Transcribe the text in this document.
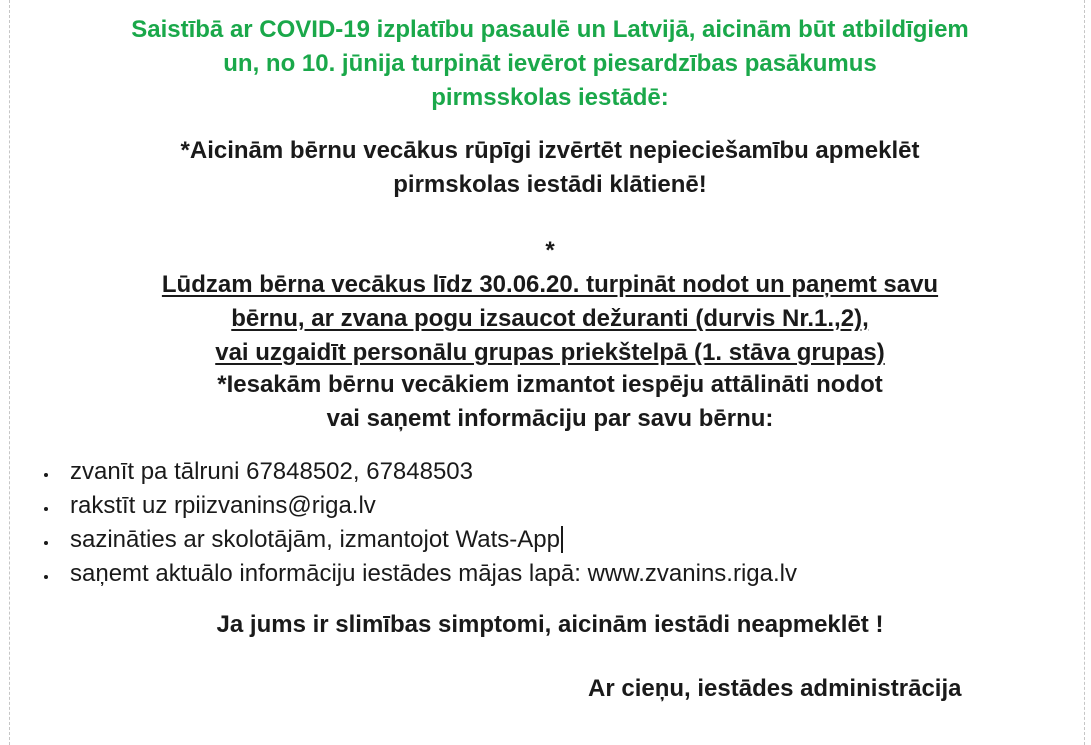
Saistībā ar COVID-19 izplatību pasaulē un Latvijā, aicinām būt atbildīgiem
un, no 10. jūnija turpināt ievērot piesardzības pasākumus
pirmsskolas iestādē:
*Aicinām bērnu vecākus rūpīgi izvērtēt nepieciešamību apmeklēt
pirmskolas iestādi klātienē!
*
Lūdzam bērna vecākus līdz 30.06.20. turpināt nodot un paņemt savu
bērnu, ar zvana pogu izsaucot dežuranti (durvis Nr.1.,2),
vai uzgaidīt personālu grupas priekštelpā (1. stāva grupas)
*Iesakām bērnu vecākiem izmantot iespēju attālināti nodot
vai saņemt informāciju par savu bērnu:
zvanīt pa tālruni 67848502, 67848503
rakstīt uz rpiizvanins@riga.lv
sazināties ar skolotājām, izmantojot Wats-App
saņemt aktuālo informāciju iestādes mājas lapā: www.zvanins.riga.lv
Ja jums ir slimības simptomi, aicinām iestādi neapmeklēt !
Ar cieņu, iestādes administrācija
